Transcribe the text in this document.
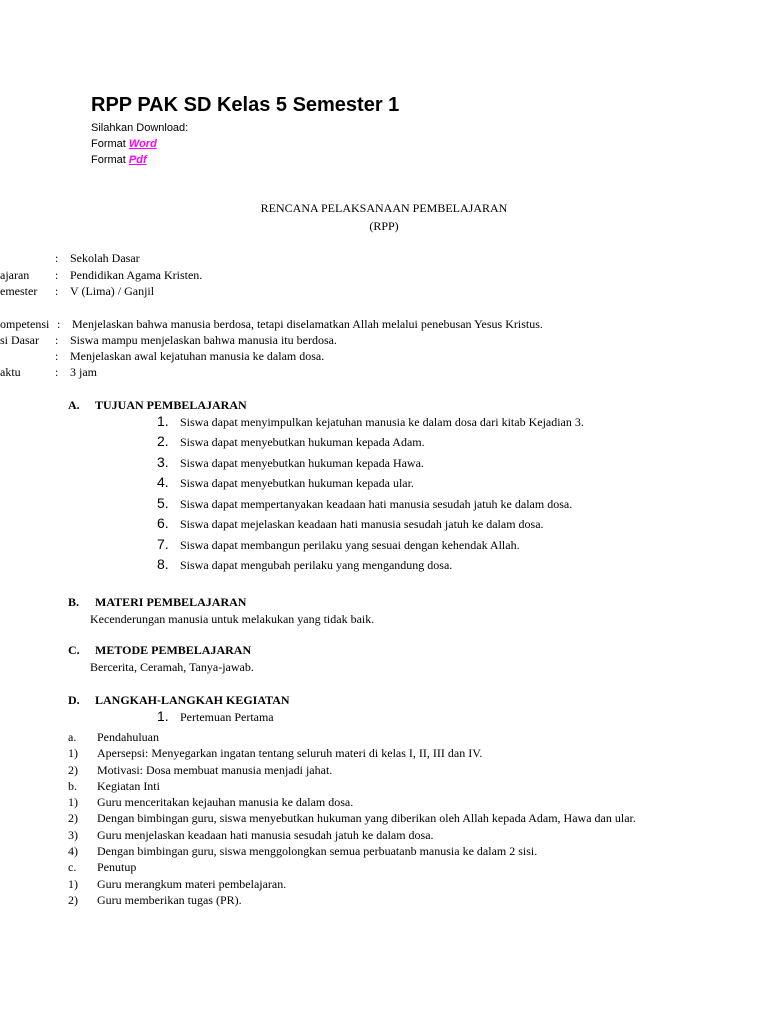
RPP PAK SD Kelas 5 Semester 1
Silahkan Download:
Format Word
Format Pdf
RENCANA PELAKSANAAN PEMBELAJARAN
(RPP)
: Sekolah Dasar
ajaran : Pendidikan Agama Kristen.
emester : V (Lima) / Ganjil
ompetensi : Menjelaskan bahwa manusia berdosa, tetapi diselamatkan Allah melalui penebusan Yesus Kristus.
si Dasar : Siswa mampu menjelaskan bahwa manusia itu berdosa.
: Menjelaskan awal kejatuhan manusia ke dalam dosa.
aktu	: 3 jam
A. TUJUAN PEMBELAJARAN
1. Siswa dapat menyimpulkan kejatuhan manusia ke dalam dosa dari kitab Kejadian 3.
2. Siswa dapat menyebutkan hukuman kepada Adam.
3. Siswa dapat menyebutkan hukuman kepada Hawa.
4. Siswa dapat menyebutkan hukuman kepada ular.
5. Siswa dapat mempertanyakan keadaan hati manusia sesudah jatuh ke dalam dosa.
6. Siswa dapat mejelaskan keadaan hati manusia sesudah jatuh ke dalam dosa.
7. Siswa dapat membangun perilaku yang sesuai dengan kehendak Allah.
8. Siswa dapat mengubah perilaku yang mengandung dosa.
B. MATERI PEMBELAJARAN
Kecenderungan manusia untuk melakukan yang tidak baik.
C. METODE PEMBELAJARAN
Bercerita, Ceramah, Tanya-jawab.
D. LANGKAH-LANGKAH KEGIATAN
1. Pertemuan Pertama
a. Pendahuluan
1) Apersepsi: Menyegarkan ingatan tentang seluruh materi di kelas I, II, III dan IV.
2) Motivasi: Dosa membuat manusia menjadi jahat.
b. Kegiatan Inti
1) Guru menceritakan kejauhan manusia ke dalam dosa.
2) Dengan bimbingan guru, siswa menyebutkan hukuman yang diberikan oleh Allah kepada Adam, Hawa dan ular.
3) Guru menjelaskan keadaan hati manusia sesudah jatuh ke dalam dosa.
4) Dengan bimbingan guru, siswa menggolongkan semua perbuatanb manusia ke dalam 2 sisi.
c. Penutup
1) Guru merangkum materi pembelajaran.
2) Guru memberikan tugas (PR).
